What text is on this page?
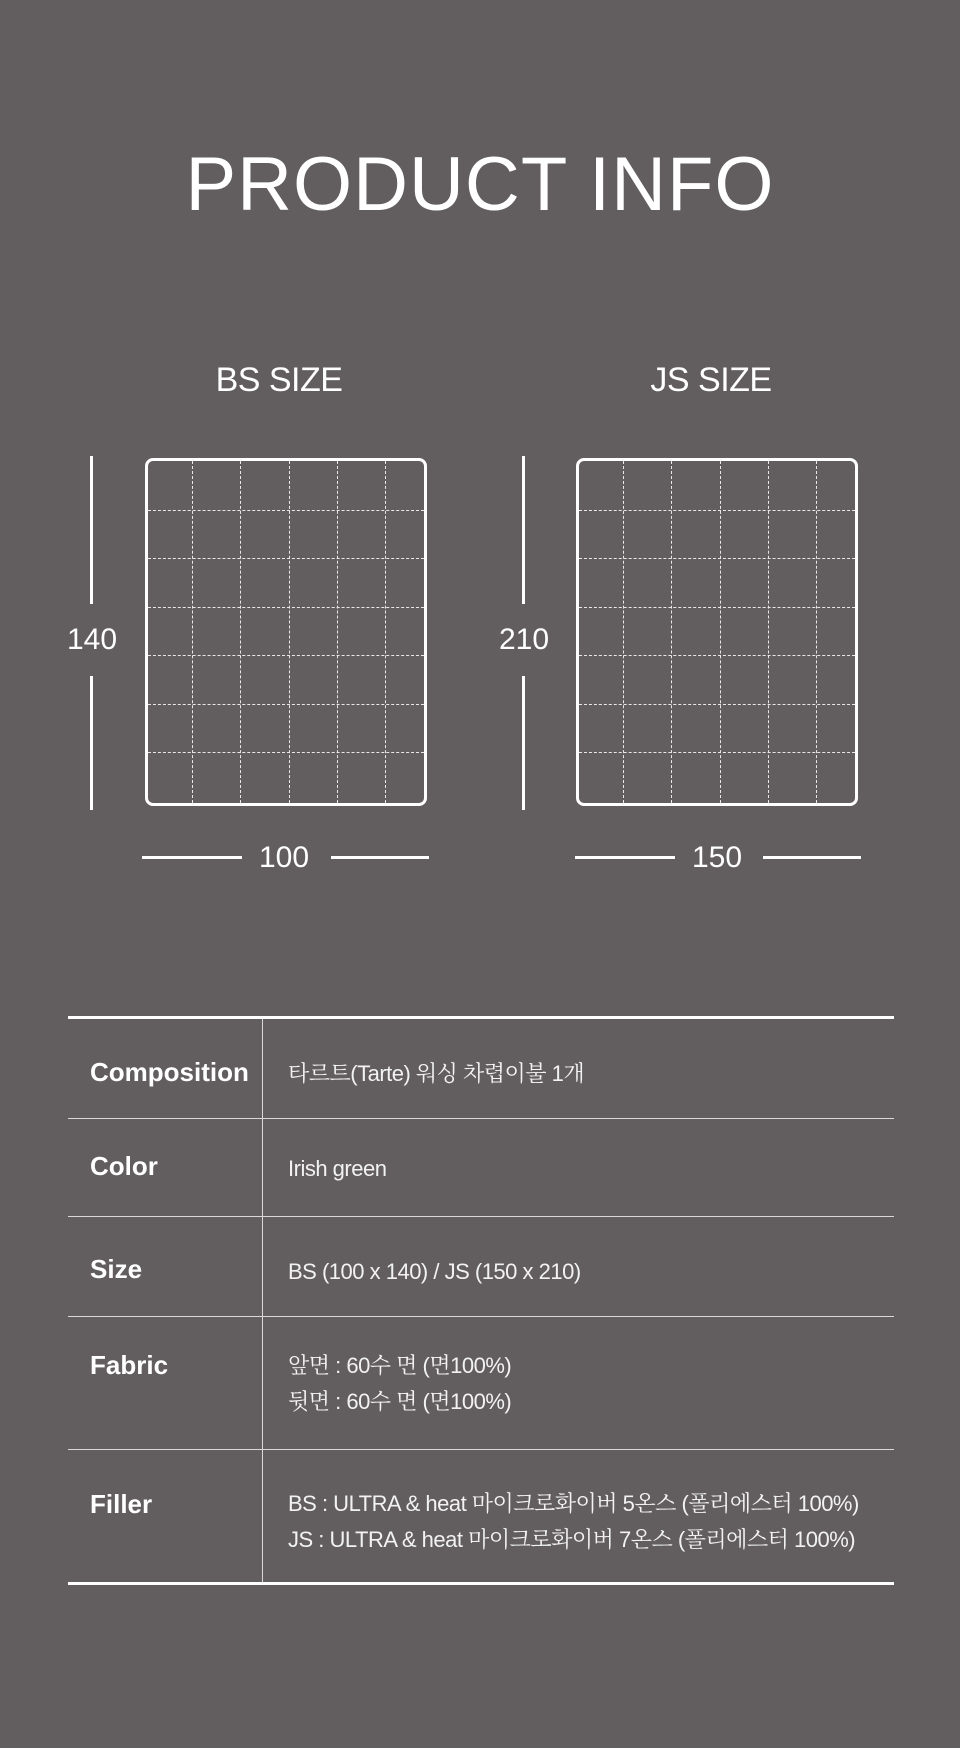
PRODUCT INFO
BS SIZE
140
100
JS SIZE
210
150
Composition 타르트(Tarte) 워싱 차렵이불 1개
Color	Irish green
Size	BS (100 x 140) / JS (150 x 210)
Fabric	앞면 : 60수 면 (면100%)
뒷면 : 60수 면 (면100%)
Filler	BS : ULTRA & heat 마이크로화이버 5온스 (폴리에스터 100%)
JS : ULTRA & heat 마이크로화이버 7온스 (폴리에스터 100%)
